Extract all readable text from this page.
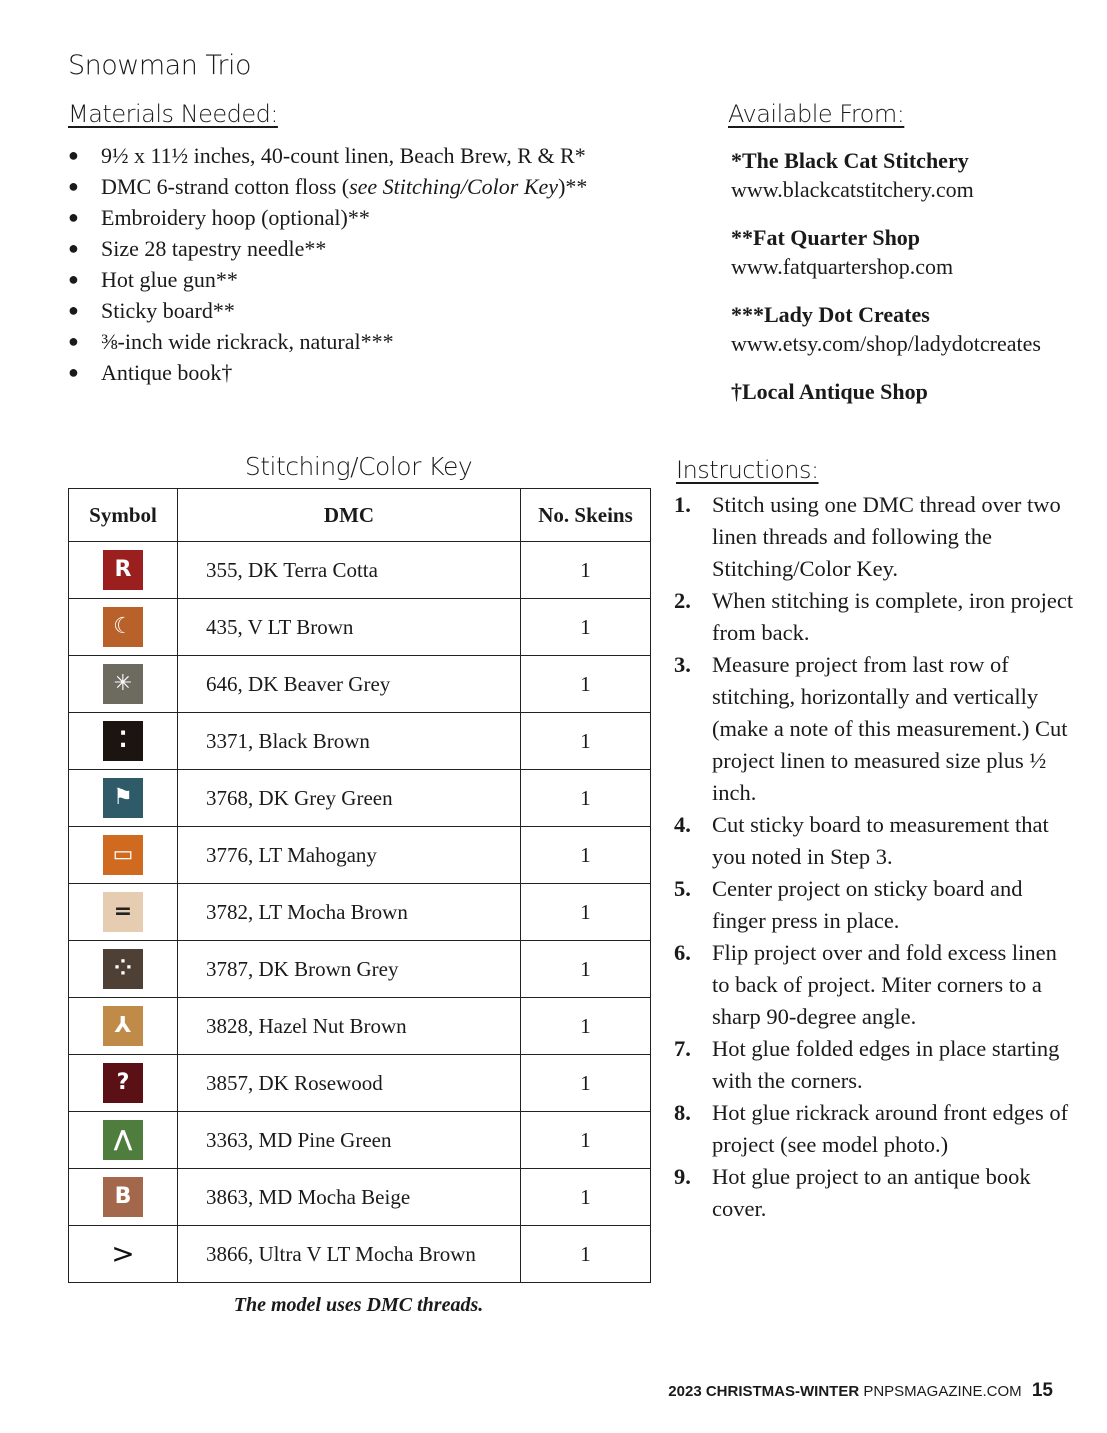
Snowman Trio
Materials Needed:
● 9½ x 11½ inches, 40-count linen, Beach Brew, R & R*
● DMC 6-strand cotton floss (see Stitching/Color Key)**
● Embroidery hoop (optional)**
● Size 28 tapestry needle**
● Hot glue gun**
● Sticky board**
● ⅜-inch wide rickrack, natural***
● Antique book†
Available From:
*The Black Cat Stitchery
www.blackcatstitchery.com
**Fat Quarter Shop
www.fatquartershop.com
***Lady Dot Creates
www.etsy.com/shop/ladydotcreates
†Local Antique Shop
Stitching/Color Key
Symbol	DMC	No. Skeins
R	355, DK Terra Cotta	1
☾	435, V LT Brown	1
✳	646, DK Beaver Grey	1
⁚	3371, Black Brown	1
⚑	3768, DK Grey Green	1
▭	3776, LT Mahogany	1
=	3782, LT Mocha Brown	1
⁘	3787, DK Brown Grey	1
⅄	3828, Hazel Nut Brown	1
?	3857, DK Rosewood	1
⋀	3363, MD Pine Green	1
B	3863, MD Mocha Beige	1
>	3866, Ultra V LT Mocha Brown	1
The model uses DMC threads.
Instructions:
1. Stitch using one DMC thread over two linen threads and following the Stitching/Color Key.
2. When stitching is complete, iron project from back.
3. Measure project from last row of stitching, horizontally and vertically (make a note of this measurement.) Cut project linen to measured size plus ½ inch.
4. Cut sticky board to measurement that you noted in Step 3.
5. Center project on sticky board and finger press in place.
6. Flip project over and fold excess linen to back of project. Miter corners to a sharp 90-degree angle.
7. Hot glue folded edges in place starting with the corners.
8. Hot glue rickrack around front edges of project (see model photo.)
9. Hot glue project to an antique book cover.
2023 CHRISTMAS-WINTER PNPSMAGAZINE.COM 15
